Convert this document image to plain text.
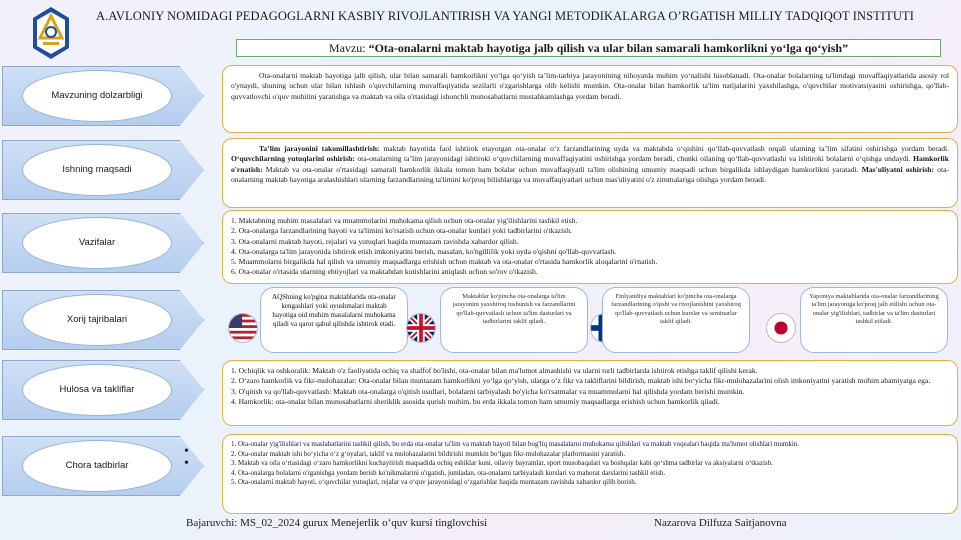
A.AVLONIY NOMIDAGI PEDAGOGLARNI KASBIY RIVOJLANTIRISH VA YANGI METODIKALARGA O’RGATISH MILLIY TADQIQOT INSTITUTI
Mavzu: “Ota-onalarni maktab hayotiga jalb qilish va ular bilan samarali hamkorlikni yo‘lga qo‘yish”
Mavzuning dolzarbligi

Ota-onalarni maktab hayotiga jalb qilish, ular bilan samarali hamkorlikni yo‘lga qo‘yish ta’lim-tarbiya jarayonining nihoyatda muhim yo‘nalishi hisoblanadi. Ota-onalar bolalarning ta'limdagi muvaffaqiyatlarida asosiy rol o'ynaydi, shuning uchun ular bilan ishlash o'quvchilarning muvaffaqiyatida sezilarli o'zgarishlarga olib kelishi mumkin. Ota-onalar bilan hamkorlik ta'lim natijalarini yaxshilashga, o'quvchilar motivatsiyasini oshirishga, qo'llab-quvvatlovchi o'quv muhitini yaratishga va maktab va oila o'rtasidagi ishonchli munosabatlarni mustahkamlashga yordam beradi.

Ishning maqsadi

Ta’lim jarayonini takomillashtirish: maktab hayotida faol ishtirok etayotgan ota-onalar o‘z farzandlarining uyda va maktabda o‘qishini qo‘llab-quvvatlash orqali ularning ta’lim sifatini oshirishga yordam beradi. O‘quvchilarning yutuqlarini oshirish: ota-onalarning ta’lim jarayonidagi ishtiroki o‘quvchilarning muvaffaqiyatini oshirishga yordam beradi, chunki oilaning qo‘llab-quvvatlashi va ishtiroki bolalarni o‘qishga undaydi. Hamkorlik o'rnatish: Maktab va ota-onalar o'rtasidagi samarali hamkorlik ikkala tomon ham bolalar uchun muvaffaqiyatli ta'lim olishining umumiy maqsadi uchun birgalikda ishlaydigan hamkorlikni yaratadi. Mas'uliyatni oshirish: ota-onalarning maktab hayotiga aralashishlari ularning farzandlarining ta'limini ko'proq bilishlariga va muvaffaqiyatlari uchun mas'uliyatini o'z zimmalariga olishga yordam beradi.

Vazifalar
1. Maktabning muhim masalalari va muammolarini muhokama qilish uchun ota-onalar yig'ilishlarini tashkil etish.
2. Ota-onalarga farzandlarining hayoti va ta'limini ko'rsatish uchun ota-onalar kunlari yoki tadbirlarini o'tkazish.
3. Ota-onalarni maktab hayoti, rejalari va yutuqlari haqida muntazam ravishda xabardor qilish.
4. Ota-onalarga ta'lim jarayonida ishtirok etish imkoniyatini berish, masalan, ko'ngillilik yoki uyda o'qishni qo'llab-quvvatlash.
5. Muammolarni birgalikda hal qilish va umumiy maqsadlarga erishish uchun maktab va ota-onalar o'rtasida hamkorlik aloqalarini o'rnatish.
6. Ota-onalar o'rtasida ularning ehtiyojlari va maktabdan kutishlarini aniqlash uchun so'rov o'tkazish.
Xorij tajribalari
AQShning ko'pgina maktablarida ota-onalar kengashlari yoki uyushmalari maktab hayotiga oid muhim masalalarni muhokama qiladi va qaror qabul qilishda ishtirok etadi.
Maktablar ko'pincha ota-onalarga ta'lim jarayonini yaxshiroq tushunish va farzandlarini qo'llab-quvvatlash uchun ta'lim dasturlari va tadbirlarini taklif qiladi.
Finlyandiya maktablari ko'pincha ota-onalarga farzandlarining o'qishi va rivojlanishini yaxshiroq qo'llab-quvvatlash uchun kurslar va seminarlar taklif qiladi.
Yaponiya maktablarida ota-onalar farzandlarining ta'lim jarayoniga ko'proq jalb etilishi uchun ota-onalar yig'ilishlari, tadbirlar va ta'lim dasturlari tashkil etiladi.
Hulosa va takliflar
1. Ochiqlik va oshkoralik: Maktab o'z faoliyatida ochiq va shaffof bo'lishi, ota-onalar bilan ma'lumot almashishi va ularni turli tadbirlarda ishtirok etishga taklif qilishi kerak.
2. O‘zaro hamkorlik va fikr-mulohazalar: Ota-onalar bilan muntazam hamkorlikni yo‘lga qo‘yish, ularga o‘z fikr va takliflarini bildirish, maktab ishi bo‘yicha fikr-mulohazalarini olish imkoniyatini yaratish muhim ahamiyatga ega.
3. O'qitish va qo'llab-quvvatlash: Maktab ota-onalarga o'qitish usullari, bolalarni tarbiyalash bo'yicha ko'rsatmalar va muammolarni hal qilishda yordam berishi mumkin.
4. Hamkorlik: ota-onalar bilan munosabatlarni sheriklik asosida qurish muhim, bu erda ikkala tomon ham umumiy maqsadlarga erishish uchun hamkorlik qiladi.
Chora tadbirlar
•
•
1. Ota-onalar yig'ilishlari va maslahatlarini tashkil qilish, bu erda ota-onalar ta'lim va maktab hayoti bilan bog'liq masalalarni muhokama qilishlari va maktab voqealari haqida ma'lumot olishlari mumkin.
2. Ota-onalar maktab ishi bo‘yicha o‘z g‘oyalari, taklif va mulohazalarini bildirishi mumkin bo‘lgan fikr-mulohazalar platformasini yaratish.
3. Maktab va oila o‘rtasidagi o‘zaro hamkorlikni kuchaytirish maqsadida ochiq eshiklar kuni, oilaviy bayramlar, sport musobaqalari va boshqalar kabi qo‘shma tadbirlar va aksiyalarni o‘tkazish.
4. Ota-onalarga bolalarni o'rganishga yordam berish ko'nikmalarini o'rgatish, jumladan, ota-onalarni tarbiyalash kurslari va mahorat darslarini tashkil etish.
5. Ota-onalarni maktab hayoti, o‘quvchilar yutuqlari, rejalar va o‘quv jarayonidagi o‘zgarishlar haqida muntazam ravishda xabardor qilib borish.
Bajaruvchi: MS_02_2024 gurux Menejerlik o‘quv kursi tinglovchisi	Nazarova Dilfuza Saitjanovna
